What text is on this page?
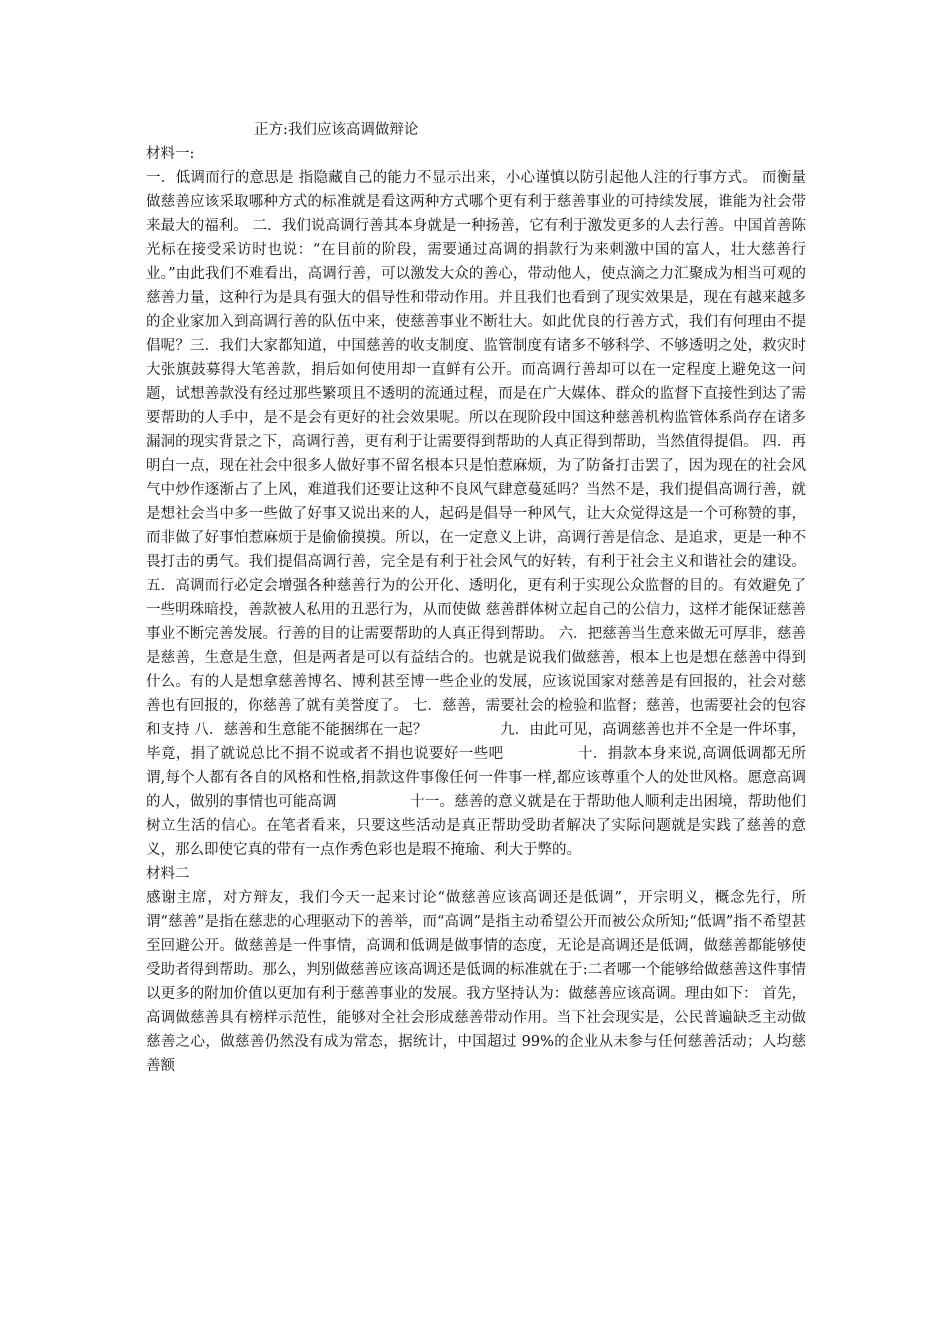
正方:我们应该高调做辩论
材料一:

一．低调而行的意思是 指隐藏自己的能力不显示出来，小心谨慎以防引起他人注的行事方式。 而衡量做慈善应该采取哪种方式的标准就是看这两种方式哪个更有利于慈善事业的可持续发展，谁能为社会带来最大的福利。 二．我们说高调行善其本身就是一种扬善，它有利于激发更多的人去行善。中国首善陈光标在接受采访时也说：“在目前的阶段，需要通过高调的捐款行为来刺激中国的富人，壮大慈善行业。”由此我们不难看出，高调行善，可以激发大众的善心，带动他人，使点滴之力汇聚成为相当可观的慈善力量，这种行为是具有强大的倡导性和带动作用。并且我们也看到了现实效果是，现在有越来越多的企业家加入到高调行善的队伍中来，使慈善事业不断壮大。如此优良的行善方式，我们有何理由不提倡呢？三．我们大家都知道，中国慈善的收支制度、监管制度有诸多不够科学、不够透明之处，救灾时大张旗鼓募得大笔善款，捐后如何使用却一直鲜有公开。而高调行善却可以在一定程度上避免这一问题，试想善款没有经过那些繁项且不透明的流通过程，而是在广大媒体、群众的监督下直接性到达了需要帮助的人手中，是不是会有更好的社会效果呢。所以在现阶段中国这种慈善机构监管体系尚存在诸多漏洞的现实背景之下，高调行善，更有利于让需要得到帮助的人真正得到帮助，当然值得提倡。 四．再明白一点，现在社会中很多人做好事不留名根本只是怕惹麻烦，为了防备打击罢了，因为现在的社会风气中炒作逐渐占了上风，难道我们还要让这种不良风气肆意蔓延吗？当然不是，我们提倡高调行善，就是想社会当中多一些做了好事又说出来的人，起码是倡导一种风气，让大众觉得这是一个可称赞的事，而非做了好事怕惹麻烦于是偷偷摸摸。所以，在一定意义上讲，高调行善是信念、是追求，更是一种不畏打击的勇气。我们提倡高调行善，完全是有利于社会风气的好转，有利于社会主义和谐社会的建设。 五．高调而行必定会增强各种慈善行为的公开化、透明化，更有利于实现公众监督的目的。有效避免了一些明珠暗投，善款被人私用的丑恶行为，从而使做 慈善群体树立起自己的公信力，这样才能保证慈善事业不断完善发展。行善的目的让需要帮助的人真正得到帮助。 六．把慈善当生意来做无可厚非，慈善是慈善，生意是生意，但是两者是可以有益结合的。也就是说我们做慈善，根本上也是想在慈善中得到什么。有的人是想拿慈善博名、博利甚至博一些企业的发展，应该说国家对慈善是有回报的，社会对慈善也有回报的，你慈善了就有美誉度了。 七．慈善，需要社会的检验和监督；慈善，也需要社会的包容和支持 八．慈善和生意能不能捆绑在一起？　　　　　九．由此可见，高调慈善也并不全是一件坏事，毕竟，捐了就说总比不捐不说或者不捐也说要好一些吧　　　　　十．捐款本身来说,高调低调都无所谓,每个人都有各自的风格和性格,捐款这件事像任何一件事一样,都应该尊重个人的处世风格。愿意高调的人，做别的事情也可能高调　　　　　十一。慈善的意义就是在于帮助他人顺利走出困境，帮助他们树立生活的信心。在笔者看来，只要这些活动是真正帮助受助者解决了实际问题就是实践了慈善的意义，那么即使它真的带有一点作秀色彩也是瑕不掩瑜、利大于弊的。

材料二

感谢主席，对方辩友，我们今天一起来讨论“做慈善应该高调还是低调”，开宗明义，概念先行，所谓“慈善”是指在慈悲的心理驱动下的善举，而“高调”是指主动希望公开而被公众所知;“低调”指不希望甚至回避公开。做慈善是一件事情，高调和低调是做事情的态度，无论是高调还是低调，做慈善都能够使受助者得到帮助。那么，判别做慈善应该高调还是低调的标准就在于:二者哪一个能够给做慈善这件事情以更多的附加价值以更加有利于慈善事业的发展。我方坚持认为：做慈善应该高调。理由如下： 首先，高调做慈善具有榜样示范性，能够对全社会形成慈善带动作用。当下社会现实是，公民普遍缺乏主动做慈善之心，做慈善仍然没有成为常态，据统计，中国超过 99%的企业从未参与任何慈善活动；人均慈善额
